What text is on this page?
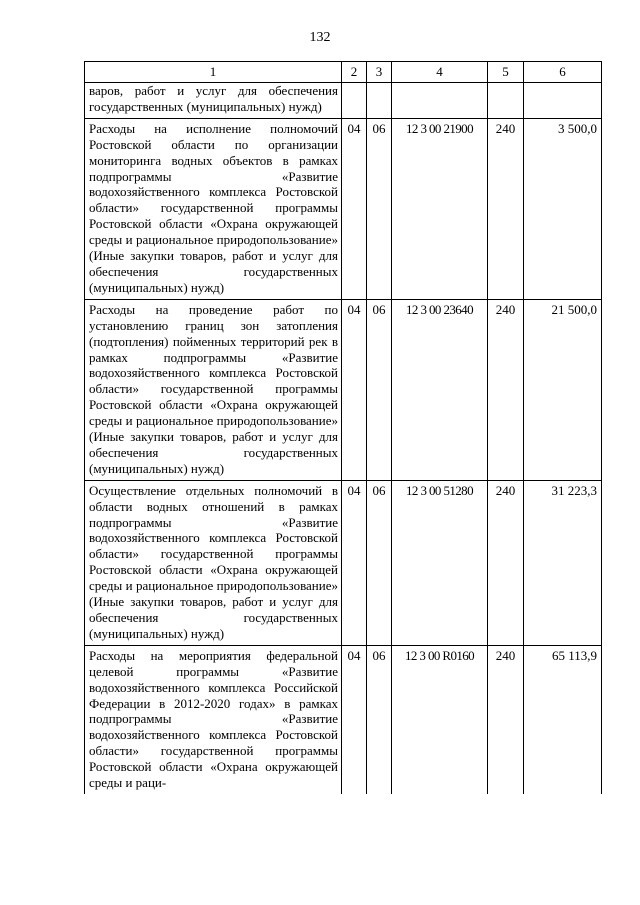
132
1	2	3	4	5	6
варов, работ и услуг для обеспечения государственных (муниципальных) нужд)					
Расходы на исполнение полномочий Ростовской области по организации мониторинга водных объектов в рамках подпрограммы «Развитие водохозяйственного комплекса Ростовской области» государственной программы Ростовской области «Охрана окружающей среды и рациональное природопользование» (Иные закупки товаров, работ и услуг для обеспечения государственных (муниципальных) нужд)	04	06	12 3 00 21900	240	3 500,0
Расходы на проведение работ по установлению границ зон затопления (подтопления) пойменных территорий рек в рамках подпрограммы «Развитие водохозяйственного комплекса Ростовской области» государственной программы Ростовской области «Охрана окружающей среды и рациональное природопользование» (Иные закупки товаров, работ и услуг для обеспечения государственных (муниципальных) нужд)	04	06	12 3 00 23640	240	21 500,0
Осуществление отдельных полномочий в области водных отношений в рамках подпрограммы «Развитие водохозяйственного комплекса Ростовской области» государственной программы Ростовской области «Охрана окружающей среды и рациональное природопользование» (Иные закупки товаров, работ и услуг для обеспечения государственных (муниципальных) нужд)	04	06	12 3 00 51280	240	31 223,3
Расходы на мероприятия федеральной целевой программы «Развитие водохозяйственного комплекса Российской Федерации в 2012-2020 годах» в рамках подпрограммы «Развитие водохозяйственного комплекса Ростовской области» государственной программы Ростовской области «Охрана окружающей среды и раци-	04	06	12 3 00 R0160	240	65 113,9
